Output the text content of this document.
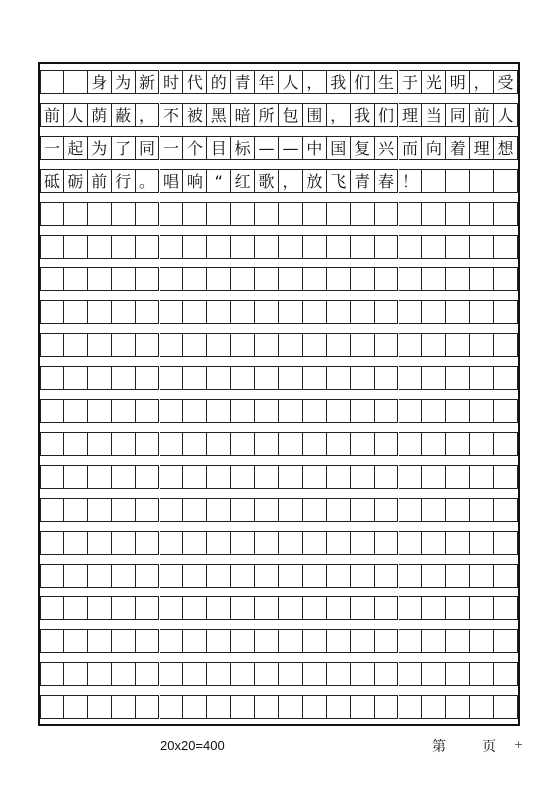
身 为 新 时 代 的 青 年 人 ， 我 们 生 于 光 明 ， 受
前 人 荫 蔽 ， 不 被 黑 暗 所 包 围 ， 我 们 理 当 同 前 人
一 起 为 了 同 一 个 目 标 — — 中 国 复 兴 而 向 着 理 想
砥 砺 前 行 。 唱 响 “ 红 歌 ， 放 飞 青 春 ！
20x20=400	第	页 +
